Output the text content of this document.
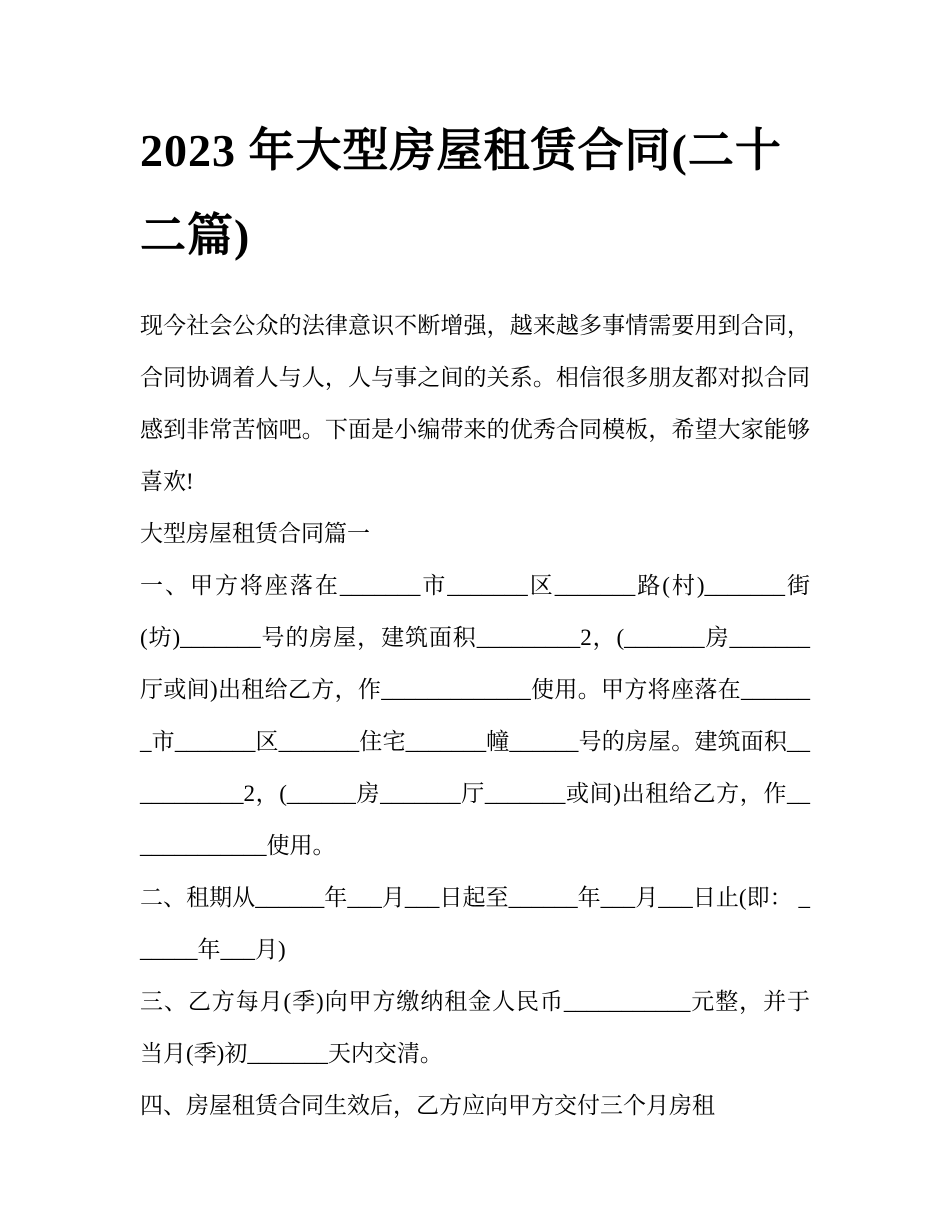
2023 年大型房屋租赁合同(二十二篇)

现今社会公众的法律意识不断增强，越来越多事情需要用到合同，合同协调着人与人，人与事之间的关系。相信很多朋友都对拟合同感到非常苦恼吧。下面是小编带来的优秀合同模板，希望大家能够喜欢!

大型房屋租赁合同篇一

一、甲方将座落在_______市_______区_______路(村)_______街(坊)_______号的房屋，建筑面积_________2，(_______房_______厅或间)出租给乙方，作_____________使用。甲方将座落在_______市_______区_______住宅_______幢______号的房屋。建筑面积___________2，(______房_______厅_______或间)出租给乙方，作_____________使用。

二、租期从______年___月___日起至______年___月___日止(即： ______年___月)

三、乙方每月(季)向甲方缴纳租金人民币___________元整，并于当月(季)初_______天内交清。

四、房屋租赁合同生效后，乙方应向甲方交付三个月房租
